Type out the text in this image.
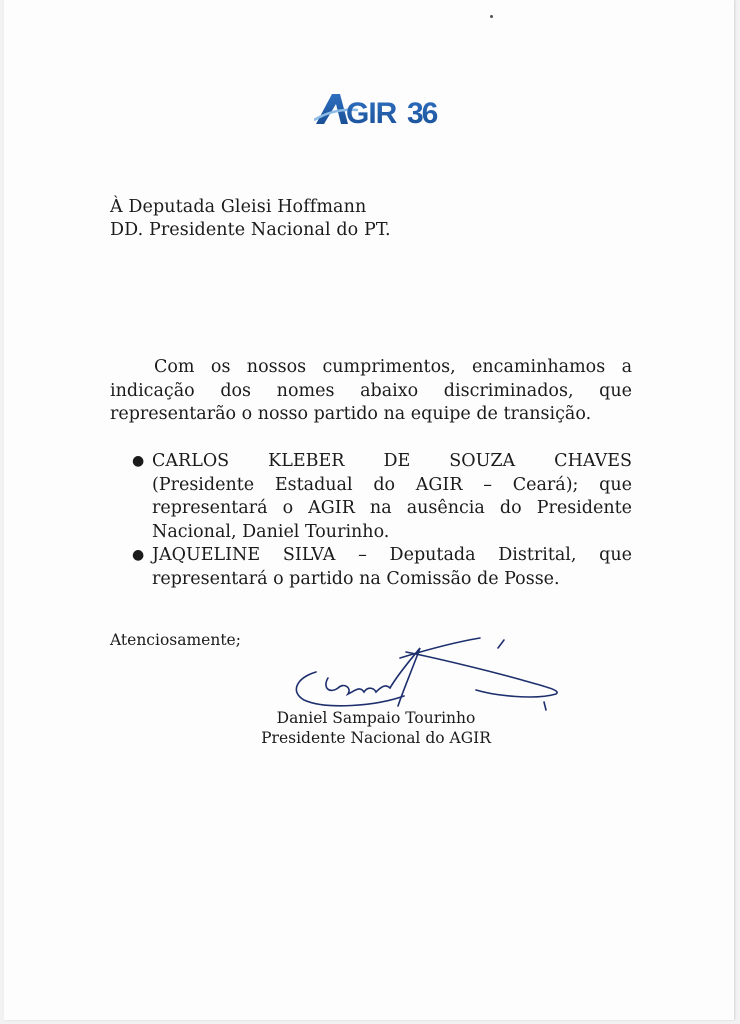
GIR 36
À Deputada Gleisi Hoffmann
DD. Presidente Nacional do PT.
Com os nossos cumprimentos, encaminhamos a indicação dos nomes abaixo discriminados, que representarão o nosso partido na equipe de transição.
● CARLOS KLEBER DE SOUZA CHAVES
(Presidente Estadual do AGIR – Ceará); que representará o AGIR na ausência do Presidente Nacional, Daniel Tourinho.
● JAQUELINE SILVA – Deputada Distrital, que
representará o partido na Comissão de Posse.
Atenciosamente;
Daniel Sampaio Tourinho
Presidente Nacional do AGIR
